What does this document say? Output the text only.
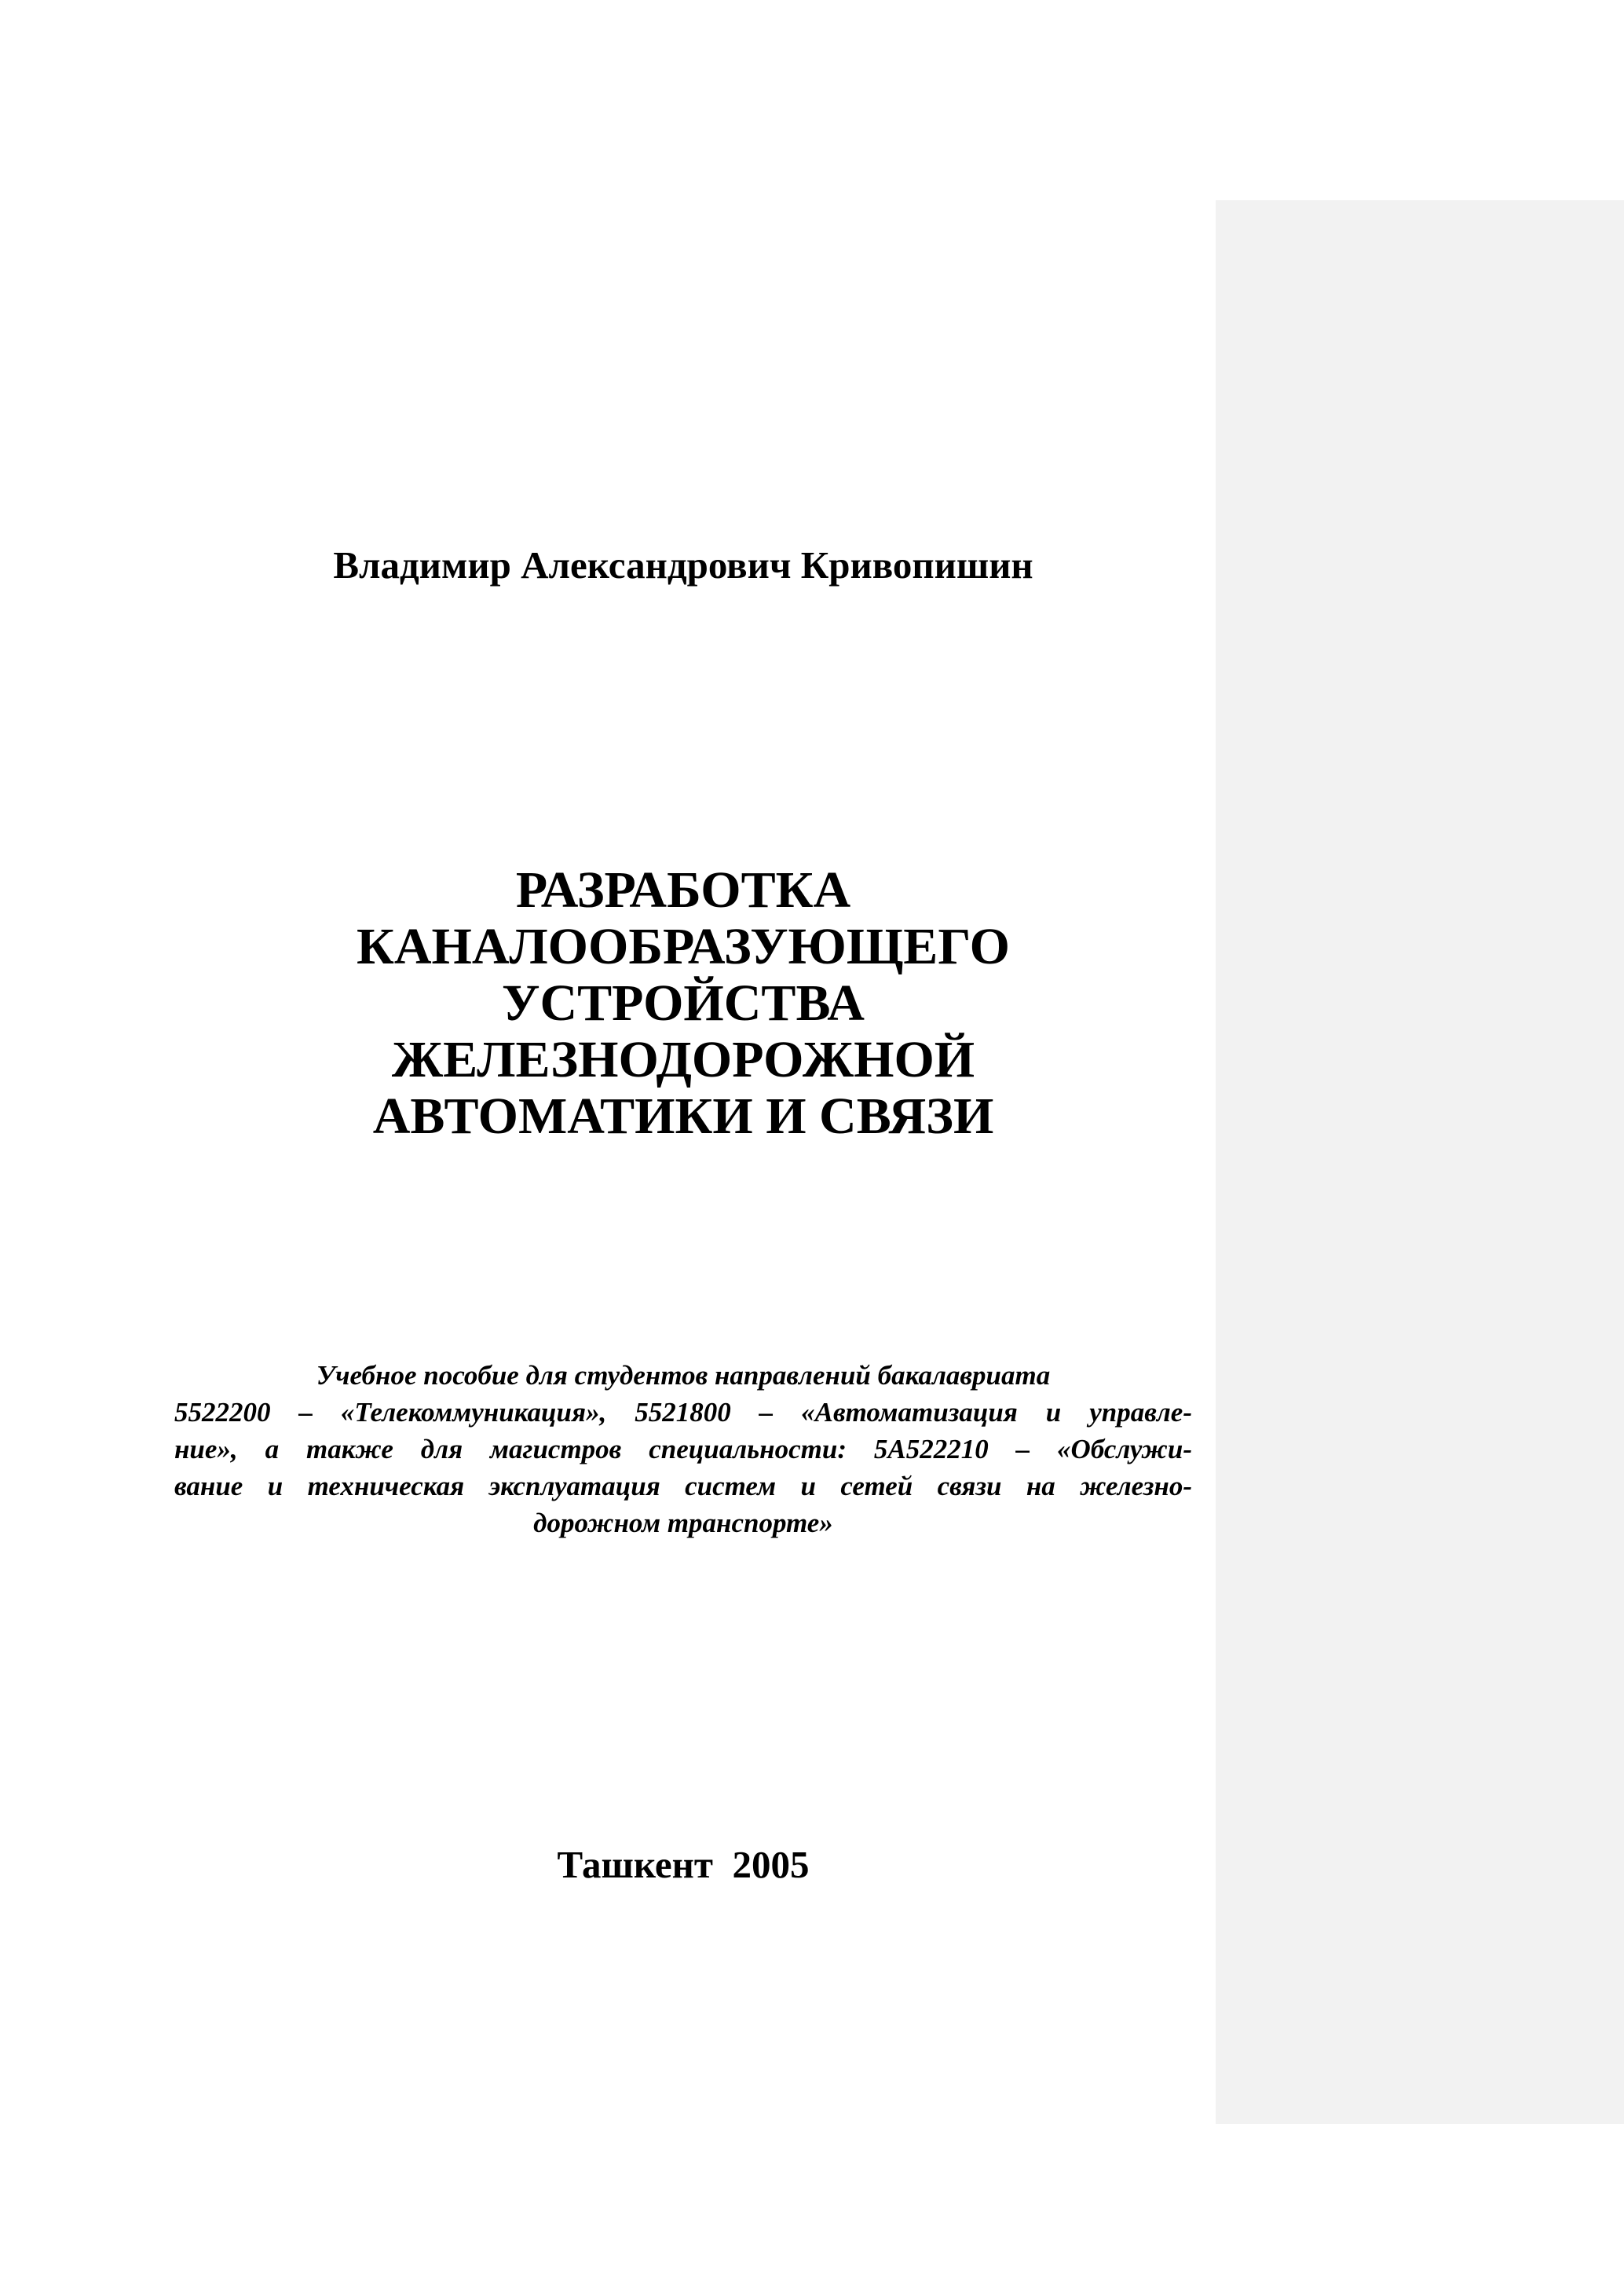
Владимир Александрович Кривопишин
РАЗРАБОТКА
КАНАЛООБРАЗУЮЩЕГО
УСТРОЙСТВА
ЖЕЛЕЗНОДОРОЖНОЙ
АВТОМАТИКИ И СВЯЗИ
Учебное пособие для студентов направлений бакалавриата
5522200 – «Телекоммуникация», 5521800 – «Автоматизация и управле-
ние», а также для магистров специальности: 5А522210 – «Обслужи-
вание и техническая эксплуатация систем и сетей связи на железно-
дорожном транспорте»
Ташкент  2005
